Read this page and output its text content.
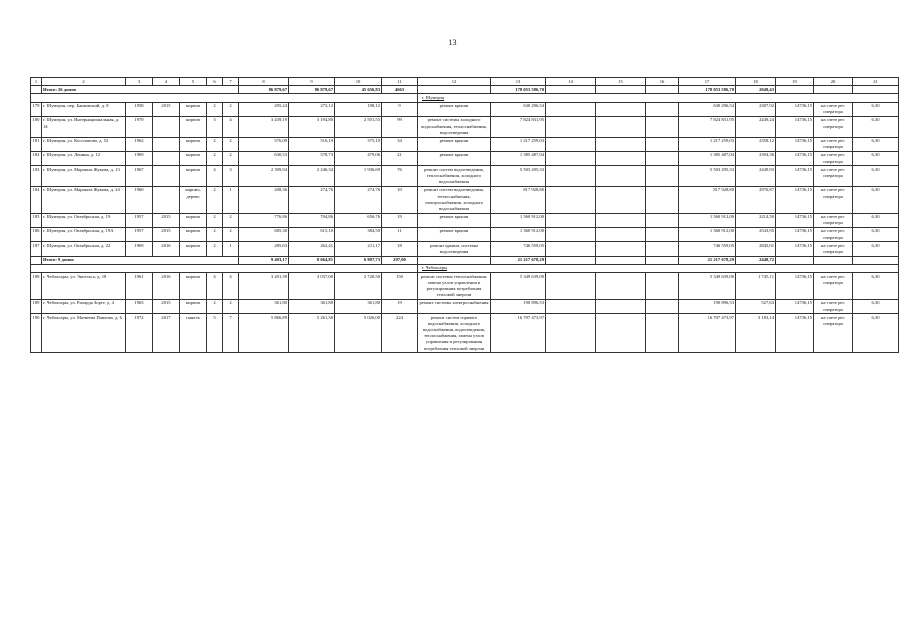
13
1	2	3	4	5	6	7	8	9	10	11	12	13	14	15	16	17	18	19	20	21
	Итого: 26 домов						86 879,67	86 879,67	45 656,83	4663		178 053 586,70				178 053 586,70	2049,43			
											г. Шумерля									
179	г. Шумерля, пер. Банковский, д. 8	1958	2015	кирпич	2	2	295,24	273,12	198,12	9	ремонт крыши	630 296,54				630 296,54	2307,92	14736,15	на счете рег. оператора	6,30
180	г. Шумерля, ул. Интернациональная, д. 14	1970		кирпич	3	4	3 439,19	3 194,80	2 501,53	99	ремонт системы холодного водоснабжения, теплоснабжения, водоотведения	7 824 831,95				7 824 831,95	2449,24	14736,15	на счете рег. оператора	6,30
181	г. Шумерля, ул. Косолапова, д. 52	1962		кирпич	2	2	576,09	516,19	375,10	34	ремонт крыши	1 217 259,03				1 217 259,03	2358,12	14736,15	на счете рег. оператора	6,30
182	г. Шумерля, ул. Ленина, д. 12	1969		кирпич	2	2	630,53	578,73	479,06	21	ремонт крыши	1 385 487,04				1 385 487,04	2394,36	14736,15	на счете рег. оператора	6,30
183	г. Шумерля, ул. Маршала Жукова, д. 13	1967		кирпич	4	3	2 399,94	2 246,34	1 936,69	76	ремонт систем водоотведения, теплоснабжения, холодного водоснабжения	5 503 295,33				5 503 295,33	2449,93	14736,15	на счете рег. оператора	6,30
184	г. Шумерля, ул. Маршала Жукова, д. 24	1960		кирпич, дерево	2	1	208,36	274,76	274,76	10	ремонт систем водоотведения, теплоснабжения, электроснабжения, холодного водоснабжения	817 928,80				817 928,80	2976,87	14736,15	на счете рег. оператора	6,30
185	г. Шумерля, ул. Октябрьская, д. 19	1957	2015	кирпич	2	2	776,86	704,86	656,76	19	ремонт крыши	1 560 912,00				1 560 912,00	2214,50	14736,15	на счете рег. оператора	6,30
186	г. Шумерля, ул. Октябрьская, д. 19А	1957	2015	кирпич	2	2	685,30	615,10	384,50	11	ремонт крыши	1 360 912,00				1 360 912,00	2543,95	14736,15	на счете рег. оператора	6,30
187	г. Шумерля, ул. Октябрьская, д. 22	1969	2016	кирпич	2	1	285,63	262,41	211,17	18	ремонт крыши, системы водоотведения	746 559,05				746 559,05	2845,01	14736,15	на счете рег. оператора	6,30
	Итого: 9 домов						9 403,17	8 664,81	6 807,73	297,00		21 217 678,29				21 217 678,29	2448,72			
											г. Чебоксары									
188	г. Чебоксары, ул. Энгельса, д. 18	1961	2016	кирпич	4	4	3 201,39	3 037,00	2 720,50	150	ремонт системы теплоснабжения, замена узлов управления и регулирования потребления тепловой энергии	5 349 639,00				5 349 639,00	1 745,11	14736,15	на счете рег. оператора	6,30
189	г. Чебоксары, ул. Рихарда Зорге, д. 4	1965	2015	кирпич	2	2	361,80	361,80	361,80	19	ремонт системы электроснабжения	190 896,53				190 896,53	527,63	14736,15	на счете рег. оператора	6,30
190	г. Чебоксары, ул. Матвеева Павлова, д. 6	1972	2017	панель	5	7	5 866,89	5 261,30	5 026,00	224	ремонт систем горячего водоснабжения, холодного водоснабжения, водоотведения, теплоснабжения, замена узлов управления и регулирования потребления тепловой энергии	16 707 473,97				16 707 473,97	3 183,14	14736,15	на счете рег. оператора	6,30
